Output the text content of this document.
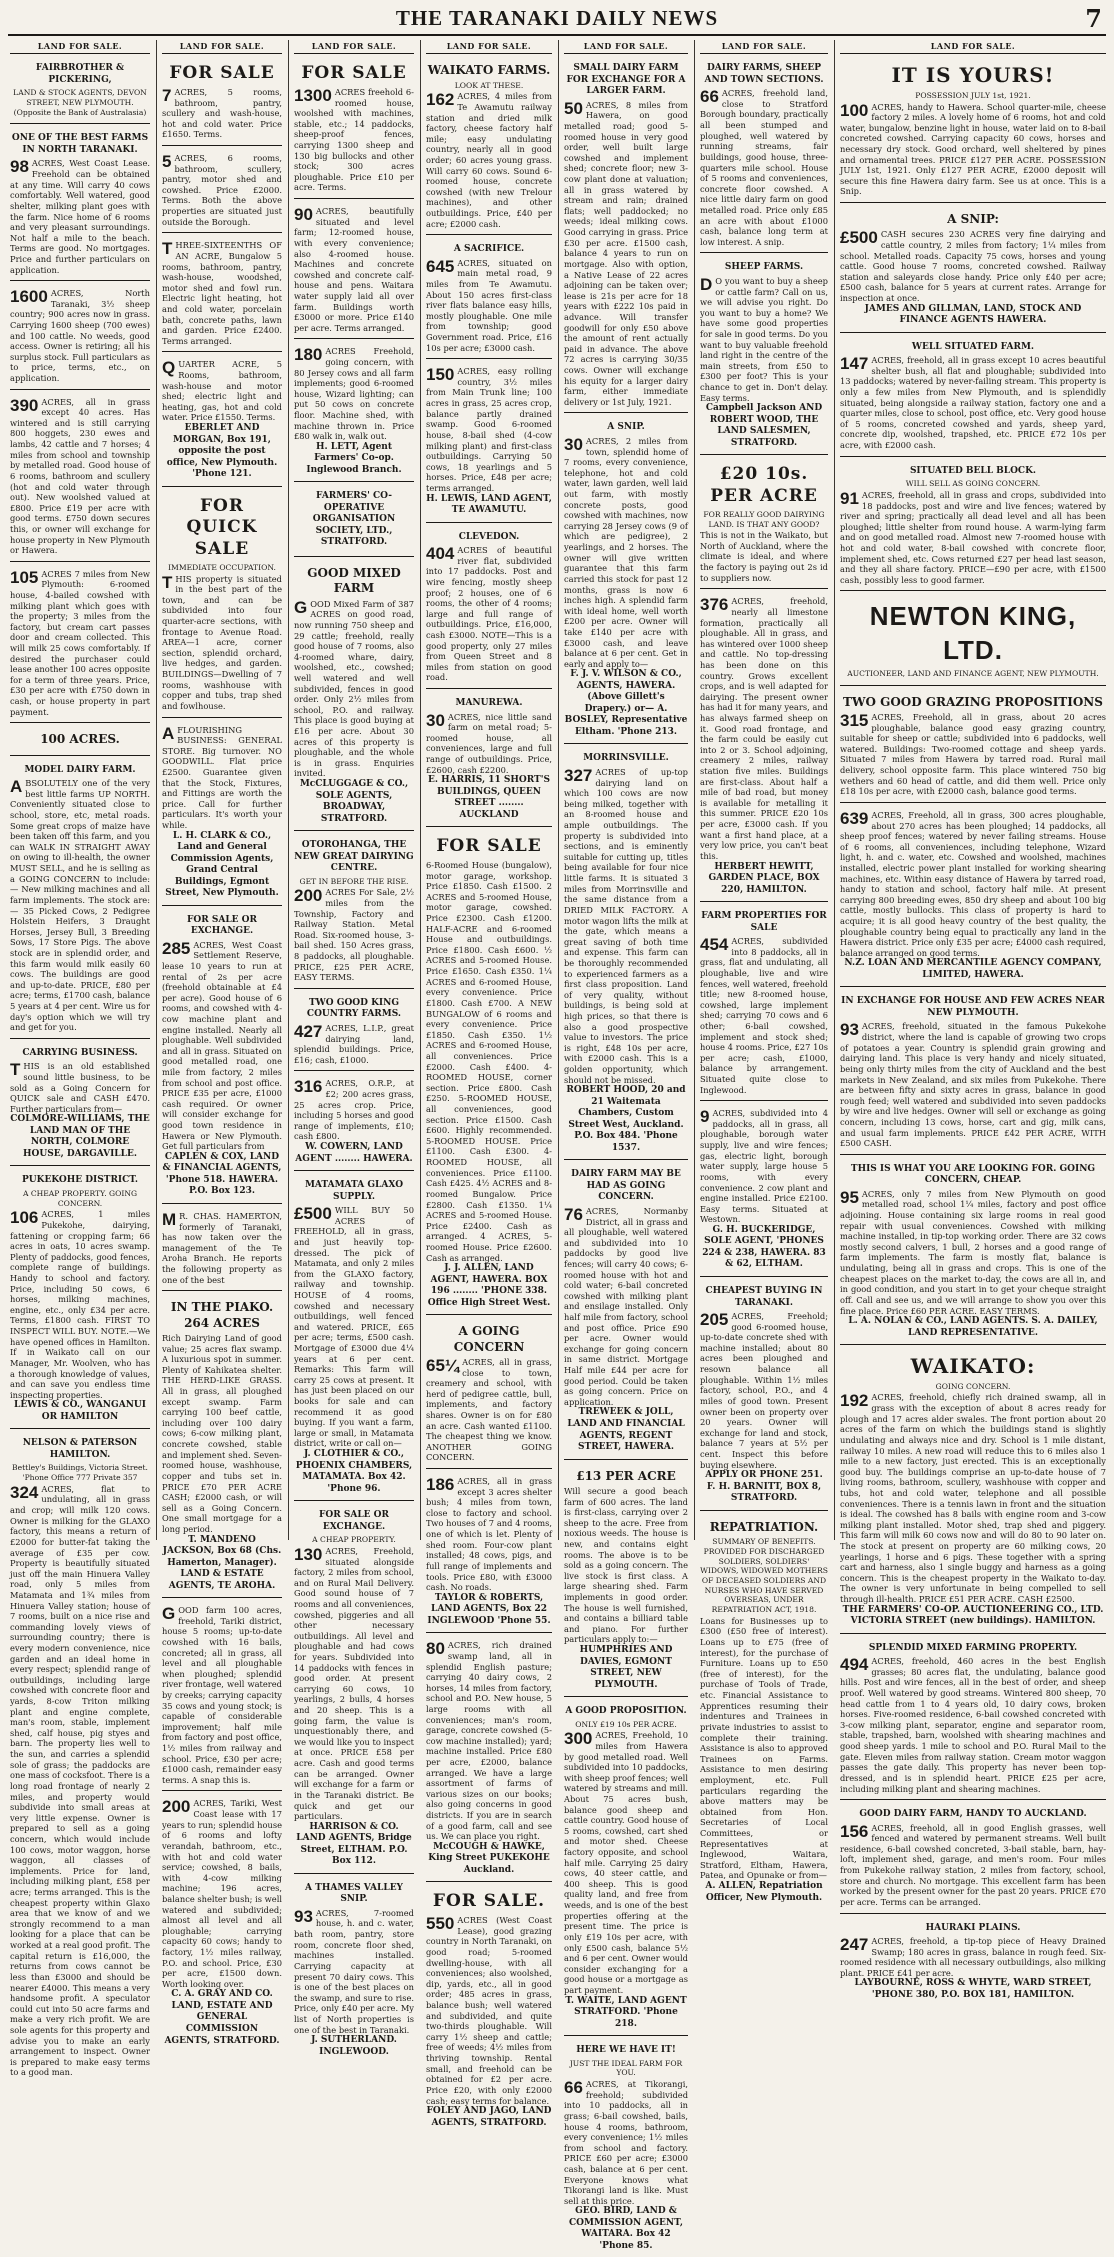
THE TARANAKI DAILY NEWS	7
LAND FOR SALE.
FAIRBROTHER & PICKERING,
LAND & STOCK AGENTS, DEVON STREET, NEW PLYMOUTH. (Opposite the Bank of Australasia)
ONE OF THE BEST FARMS IN NORTH TARANAKI.

98 ACRES, West Coast Lease. Freehold can be obtained at any time. Will carry 40 cows comfortably. Well watered, good shelter, milking plant goes with the farm. Nice home of 6 rooms and very pleasant surroundings. Not half a mile to the beach. Terms are good. No mortgages. Price and further particulars on application.

1600 ACRES, North Taranaki, 3½ sheep country; 900 acres now in grass. Carrying 1600 sheep (700 ewes) and 100 cattle. No weeds, good access. Owner is retiring; all his surplus stock. Full particulars as to price, terms, etc., on application.

390 ACRES, all in grass except 40 acres. Has wintered and is still carrying 800 hoggets, 230 ewes and lambs, 42 cattle and 7 horses; 4 miles from school and township by metalled road. Good house of 6 rooms, bathroom and scullery (hot and cold water through out). New woolshed valued at £800. Price £19 per acre with good terms. £750 down secures this, or owner will exchange for house property in New Plymouth or Hawera.

105 ACRES 7 miles from New Plymouth: 6-roomed house, 4-bailed cowshed with milking plant which goes with the property; 3 miles from the factory, but cream cart passes door and cream collected. This will milk 25 cows comfortably. If desired the purchaser could lease another 100 acres opposite for a term of three years. Price, £30 per acre with £750 down in cash, or house property in part payment.

100 ACRES.
MODEL DAIRY FARM.

ABSOLUTELY one of the very best little farms UP NORTH. Conveniently situated close to school, store, etc, metal roads. Some great crops of maize have been taken off this farm, and you can WALK IN STRAIGHT AWAY on owing to ill-health, the owner MUST SELL, and he is selling as a GOING CONCERN to include:— New milking machines and all farm implements. The stock are:— 35 Picked Cows, 2 Pedigree Holstein Heifers, 3 Draught Horses, Jersey Bull, 3 Breeding Sows, 17 Store Pigs. The above stock are in splendid order, and this farm would milk easily 60 cows. The buildings are good and up-to-date. PRICE, £80 per acre; terms, £1700 cash, balance 5 years at 4 per cent. Wire us for day's option which we will try and get for you.

CARRYING BUSINESS.

THIS is an old established sound little business, to be sold as a Going Concern for QUICK sale and CASH £470. Further particulars from—

COLMORE-WILLIAMS, THE LAND MAN OF THE NORTH, COLMORE HOUSE, DARGAVILLE.
PUKEKOHE DISTRICT.
A CHEAP PROPERTY. GOING CONCERN.

106 ACRES, 1 miles Pukekohe, dairying, fattening or cropping farm; 66 acres in oats, 10 acres swamp. Plenty of paddocks, good fences, complete range of buildings. Handy to school and factory. Price, including 50 cows, 6 horses, milking machines, engine, etc., only £34 per acre. Terms, £1800 cash. FIRST TO INSPECT WILL BUY. NOTE.—We have opened offices in Hamilton. If in Waikato call on our Manager, Mr. Woolven, who has a thorough knowledge of values, and can save you endless time inspecting properties.

LEWIS & CO., WANGANUI OR HAMILTON
NELSON & PATERSON HAMILTON.
Bettley's Buildings, Victoria Street. 'Phone Office 777 Private 357

324 ACRES, flat to undulating, all in grass and crop; will milk 120 cows. Owner is milking for the GLAXO factory, this means a return of £2000 for butter-fat taking the average of £35 per cow. Property is beautifully situated just off the main Hinuera Valley road, only 5 miles from Matamata and 1¾ miles from Hinuera Valley station; house of 7 rooms, built on a nice rise and commanding lovely views of surrounding country; there is every modern convenience, nice garden and an ideal home in every respect; splendid range of outbuildings, including large cowshed with concrete floor and yards, 8-cow Triton milking plant and engine complete, man's room, stable, implement shed, calf house, pig styes and barn. The property lies well to the sun, and carries a splendid sole of grass; the paddocks are one mass of cocksfoot. There is a long road frontage of nearly 2 miles, and property would subdivide into small areas at very little expense. Owner is prepared to sell as a going concern, which would include 100 cows, motor waggon, horse waggon, all classes of implements. Price for land, including milking plant, £58 per acre; terms arranged. This is the cheapest property within Glaxo area that we know of and we strongly recommend to a man looking for a place that can be worked at a real good profit. The capital return is £16,000, the returns from cows cannot be less than £3000 and should be nearer £4000. This means a very handsome profit. A speculator could cut into 50 acre farms and make a very rich profit. We are sole agents for this property and advise you to make an early arrangement to inspect. Owner is prepared to make easy terms to a good man.

LAND FOR SALE.
FOR SALE

7 ACRES, 5 rooms, bathroom, pantry, scullery and wash-house, hot and cold water. Price £1650. Terms.

5 ACRES, 6 rooms, bathroom, scullery, pantry, motor shed and cowshed. Price £2000. Terms. Both the above properties are situated just outside the Borough.

THREE-SIXTEENTHS OF AN ACRE, Bungalow 5 rooms, bathroom, pantry, wash-house, woodshed, motor shed and fowl run. Electric light heating, hot and cold water, porcelain bath, concrete paths, lawn and garden. Price £2400. Terms arranged.

QUARTER ACRE, 5 Rooms, bathroom, wash-house and motor shed; electric light and heating, gas, hot and cold water. Price £1550. Terms.

EBERLET AND MORGAN, Box 191, opposite the post office, New Plymouth. 'Phone 121.
FOR QUICK SALE
IMMEDIATE OCCUPATION.

THIS property is situated in the best part of the town, and can be subdivided into four quarter-acre sections, with frontage to Avenue Road. AREA—1 acre, corner section, splendid orchard, live hedges, and garden. BUILDINGS—Dwelling of 7 rooms, washhouse with copper and tubs, trap shed and fowlhouse.

AFLOURISHING BUSINESS: GENERAL STORE. Big turnover. NO GOODWILL. Flat price £2500. Guarantee given that the Stock, Fixtures, and Fittings are worth the price. Call for further particulars. It's worth your while.

L. H. CLARK & CO., Land and General Commission Agents, Grand Central Buildings, Egmont Street, New Plymouth.
FOR SALE OR EXCHANGE.

285 ACRES, West Coast Settlement Reserve, lease 10 years to run at rental of 2s per acre (freehold obtainable at £4 per acre). Good house of 6 rooms, and cowshed with 4-cow machine plant and engine installed. Nearly all ploughable. Well subdivided and all in grass. Situated on good metalled road, one mile from factory, 2 miles from school and post office. PRICE £35 per acre, £1000 cash required. Or owner will consider exchange for good town residence in Hawera or New Plymouth. Get full particulars from

CAPLEN & COX, LAND & FINANCIAL AGENTS, 'Phone 518. HAWERA. P.O. Box 123.

M R. CHAS. HAMERTON, formerly of Taranaki, has now taken over the management of the Te Aroha Branch. He reports the following property as one of the best

IN THE PIAKO. 264 ACRES

Rich Dairying Land of good value; 25 acres flax swamp. A luxurious spot in summer. Plenty of Kahikatea shelter. THE HERD-LIKE GRASS. All in grass, all ploughed except swamp. Farm carrying 100 beef cattle, including over 100 dairy cows; 6-cow milking plant, concrete cowshed, stable and implement shed. Seven-roomed house, washhouse, copper and tubs set in. PRICE £70 PER ACRE CASH; £2000 cash, or will sell as a Going Concern. One small mortgage for a long period.

T. MANDENO JACKSON, Box 68 (Chs. Hamerton, Manager). LAND & ESTATE AGENTS, TE AROHA.

GOOD farm 100 acres, freehold, Tariki district, house 5 rooms; up-to-date cowshed with 16 bails, concreted; all in grass, all level and all ploughable when ploughed; splendid river frontage, well watered by creeks; carrying capacity 35 cows and young stock; is capable of considerable improvement; half mile from factory and post office, 1½ miles from railway and school. Price, £30 per acre; £1000 cash, remainder easy terms. A snap this is.

200 ACRES, Tariki, West Coast lease with 17 years to run; splendid house of 6 rooms and lofty verandah, bathroom, etc., with hot and cold water service; cowshed, 8 bails, with 4-cow milking machine; 196 acres, balance shelter bush; is well watered and subdivided; almost all level and all ploughable; carrying capacity 60 cows; handy to factory, 1½ miles railway, P.O. and school. Price, £30 per acre, £1500 down. Worth looking over.

C. A. GRAY AND CO. LAND, ESTATE AND GENERAL COMMISSION AGENTS, STRATFORD.
LAND FOR SALE.
FOR SALE

1300 ACRES freehold 6-roomed house, woolshed with machines, stable, etc.; 14 paddocks, sheep-proof fences, carrying 1300 sheep and 130 big bullocks and other stock; 300 acres ploughable. Price £10 per acre. Terms.

90 ACRES, beautifully situated and level farm; 12-roomed house, with every convenience; also 4-roomed house. Machines and concrete cowshed and concrete calf-house and pens. Waitara water supply laid all over farm. Buildings worth £3000 or more. Price £140 per acre. Terms arranged.

180 ACRES Freehold, going concern, with 80 Jersey cows and all farm implements; good 6-roomed house, Wizard lighting; can put 50 cows on concrete floor. Machine shed, with machine thrown in. Price £80 walk in, walk out.

H. LETT, Agent Farmers' Co-op. Inglewood Branch.
FARMERS' CO-OPERATIVE ORGANISATION SOCIETY, LTD., STRATFORD.
GOOD MIXED FARM

GOOD Mixed Farm of 387 ACRES on good road, now running 750 sheep and 29 cattle; freehold, really good house of 7 rooms, also 4-roomed whare, dairy, woolshed, etc., cowshed; well watered and well subdivided, fences in good order. Only 2½ miles from school, P.O. and railway. This place is good buying at £16 per acre. About 30 acres of this property is ploughable, and the whole is in grass. Enquiries invited.

McCLUGGAGE & CO., SOLE AGENTS, BROADWAY, STRATFORD.
OTOROHANGA, THE NEW GREAT DAIRYING CENTRE.
GET IN BEFORE THE RISE.

200 ACRES For Sale, 2½ miles from the Township, Factory and Railway Station. Metal Road. Six-roomed house, 3-bail shed. 150 Acres grass, 8 paddocks, all ploughable. PRICE, £25 PER ACRE, EASY TERMS.

TWO GOOD KING COUNTRY FARMS.

427 ACRES, L.I.P., great dairying land, splendid buildings. Price, £16; cash, £1000.

316 ACRES, O.R.P., at £2; 200 acres grass, 25 acres crop. Price, including 5 horses and good range of implements, £10; cash £800.

W. COWERN, LAND AGENT ........ HAWERA.
MATAMATA GLAXO SUPPLY.

£500 WILL BUY 50 ACRES of FREEHOLD, all in grass, and just heavily top-dressed. The pick of Matamata, and only 2 miles from the GLAXO factory, railway and township. HOUSE of 4 rooms, cowshed and necessary outbuildings, well fenced and watered. PRICE, £65 per acre; terms, £500 cash. Mortgage of £3000 due 4¼ years at 6 per cent. Remarks: This farm will carry 25 cows at present. It has just been placed on our books for sale and can recommend it as good buying. If you want a farm, large or small, in Matamata district, write or call on—

J. CLOTHIER & CO., PHOENIX CHAMBERS, MATAMATA. Box 42. 'Phone 96.
FOR SALE OR EXCHANGE.
A CHEAP PROPERTY.

130 ACRES, Freehold, situated alongside factory, 2 miles from school, and on Rural Mail Delivery. Good sound house of 7 rooms and all conveniences, cowshed, piggeries and all other necessary outbuildings. All level and ploughable and had cows for years. Subdivided into 14 paddocks with fences in good order. At present carrying 60 cows, 10 yearlings, 2 bulls, 4 horses and 20 sheep. This is a going farm, the value is unquestionably there, and we would like you to inspect at once. PRICE £58 per acre. Cash and good terms can be arranged. Owner will exchange for a farm or in the Taranaki district. Be quick and get our particulars.

HARRISON & CO. LAND AGENTS, Bridge Street, ELTHAM. P.O. Box 112.
A THAMES VALLEY SNIP.

93 ACRES, 7-roomed house, h. and c. water, bath room, pantry, store room, concrete floor shed, machines installed. Carrying capacity at present 70 dairy cows. This is one of the best places on the swamp, and sure to rise. Price, only £40 per acre. My list of North properties is one of the best in Taranaki.

J. SUTHERLAND. INGLEWOOD.
LAND FOR SALE.
WAIKATO FARMS.
LOOK AT THESE.

162 ACRES, 4 miles from Te Awamutu railway station and dried milk factory, cheese factory half mile; easy undulating country, nearly all in good order; 60 acres young grass. Will carry 60 cows. Sound 6-roomed house, concrete cowshed (with new Trelour machines), and other outbuildings. Price, £40 per acre; £2000 cash.

A SACRIFICE.

645 ACRES, situated on main metal road, 9 miles from Te Awamutu. About 150 acres first-class river flats balance easy hills, mostly ploughable. One mile from township; good Government road. Price, £16 10s per acre; £3000 cash.

150 ACRES, easy rolling country, 3½ miles from Main Trunk line; 100 acres in grass, 25 acres crop, balance partly drained swamp. Good 6-roomed house, 8-bail shed (4-cow milking plant) and first-class outbuildings. Carrying 50 cows, 18 yearlings and 5 horses. Price, £48 per acre; terms arranged.

H. LEWIS, LAND AGENT, TE AWAMUTU.
CLEVEDON.

404 ACRES of beautiful river flat, subdivided into 17 paddocks. Post and wire fencing, mostly sheep proof; 2 houses, one of 6 rooms, the other of 4 rooms; large and full range of outbuildings. Price, £16,000, cash £3000. NOTE—This is a good property, only 27 miles from Queen Street and 8 miles from station on good road.

MANUREWA.

30 ACRES, nice little sand farm on metal road; 5-roomed house, all conveniences, large and full range of outbuildings. Price, £2600, cash £2200.

E. HARRIS, 11 SHORT'S BUILDINGS, QUEEN STREET ........ AUCKLAND
FOR SALE

6-Roomed House (bungalow), motor garage, workshop. Price £1850. Cash £1500. 2 ACRES and 5-roomed House, motor garage, cowshed. Price £2300. Cash £1200. HALF-ACRE and 6-roomed House and outbuildings. Price £1800. Cash £600. ½ ACRES and 5-roomed House. Price £1650. Cash £350. 1¼ ACRES and 6-roomed House, every convenience. Price £1800. Cash £700. A NEW BUNGALOW of 6 rooms and every convenience. Price £1850. Cash £350. 1½ ACRES and 6-roomed House, all conveniences. Price £2000. Cash £400. 4-ROOMED HOUSE, corner section. Price £800. Cash £250. 5-ROOMED HOUSE, all conveniences, good section. Price £1500. Cash £600. Highly recommended. 5-ROOMED HOUSE. Price £1100. Cash £300. 4-ROOMED HOUSE, all conveniences. Price £1100. Cash £425. 4½ ACRES and 8-roomed Bungalow. Price £2800. Cash £1350. 1¼ ACRES and 5-roomed House. Price £2400. Cash as arranged. 4 ACRES, 5-roomed House. Price £2600. Cash as arranged.

J. J. ALLEN, LAND AGENT, HAWERA. BOX 196 ........ 'PHONE 338. Office High Street West.
A GOING CONCERN

65¼ ACRES, all in grass, close to town, creamery and school, with herd of pedigree cattle, bull, implements, and factory shares. Owner is on for £80 an acre. Cash wanted £1100. The cheapest thing we know. ANOTHER GOING CONCERN.

186 ACRES, all in grass except 3 acres shelter bush; 4 miles from town, close to factory and school. Two houses of 7 and 4 rooms, one of which is let. Plenty of shed room. Four-cow plant installed; 48 cows, pigs, and full range of implements and tools. Price £80, with £3000 cash. No roads.

TAYLOR & ROBERTS, LAND AGENTS, Box 22 INGLEWOOD 'Phone 55.

80 ACRES, rich drained swamp land, all in splendid English pasture; carrying 40 dairy cows, 2 horses, 14 miles from factory, school and P.O. New house, 5 large rooms with all conveniences; man's room, garage, concrete cowshed (5-cow machine installed); yard; machine installed. Price £80 per acre, £2000, balance arranged. We have a large assortment of farms of various sizes on our books; also going concerns in good districts. If you are in search of a good farm, call and see us. We can place you right.

McCOUGH & HAWKE, King Street PUKEKOHE Auckland.
FOR SALE.

550 ACRES (West Coast Lease), good grazing country in North Taranaki, on good road; 5-roomed dwelling-house, with all conveniences; also woolshed, dip, yards, etc., all in good order; 485 acres in grass, balance bush; well watered and subdivided, and quite two-thirds ploughable. Will carry 1½ sheep and cattle; free of weeds; 4½ miles from thriving township. Rental small, and freehold can be obtained for £2 per acre. Price £20, with only £2000 cash; easy terms for balance.

FOLEY AND JAGO, LAND AGENTS, STRATFORD.
LAND FOR SALE.
SMALL DAIRY FARM FOR EXCHANGE FOR A LARGER FARM.

50 ACRES, 8 miles from Hawera, on good metalled road; good 5-roomed house in very good order, well built large cowshed and implement shed; concrete floor; new 3-cow plant done at valuation; all in grass watered by stream and rain; drained flats; well paddocked; no weeds; ideal milking cows. Good carrying in grass. Price £30 per acre. £1500 cash, balance 4 years to run on mortgage. Also with option, a Native Lease of 22 acres adjoining can be taken over; lease is 21s per acre for 18 years with £222 10s paid in advance. Will transfer goodwill for only £50 above the amount of rent actually paid in advance. The above 72 acres is carrying 30/35 cows. Owner will exchange his equity for a larger dairy farm, either immediate delivery or 1st July, 1921.

A SNIP.

30 ACRES, 2 miles from town, splendid home of 7 rooms, every convenience, telephone, hot and cold water, lawn garden, well laid out farm, with mostly concrete posts, good cowshed with machines, now carrying 28 Jersey cows (9 of which are pedigree), 2 yearlings, and 2 horses. The owner will give written guarantee that this farm carried this stock for past 12 months, grass is now 6 inches high. A splendid farm with ideal home, well worth £200 per acre. Owner will take £140 per acre with £3000 cash, and leave balance at 6 per cent. Get in early and apply to—

F. J. V. WILSON & CO., AGENTS, HAWERA. (Above Gillett's Drapery.) or— A. BOSLEY, Representative Eltham. 'Phone 213.
MORRINSVILLE.

327 ACRES of up-top dairying land on which 100 cows are now being milked, together with an 8-roomed house and ample outbuildings. The property is subdivided into sections, and is eminently suitable for cutting up, titles being available for four nice little farms. It is situated 3 miles from Morrinsville and the same distance from a DRIED MILK FACTORY. A motor wagon lifts the milk at the gate, which means a great saving of both time and expense. This farm can be thoroughly recommended to experienced farmers as a first class proposition. Land of very quality, without buildings, is being sold at high prices, so that there is also a good prospective value to investors. The price is right, £48 10s per acre, with £2000 cash. This is a golden opportunity, which should not be missed.

ROBERT HOOD, 20 and 21 Waitemata Chambers, Custom Street West, Auckland. P.O. Box 484. 'Phone 1537.
DAIRY FARM MAY BE HAD AS GOING CONCERN.

76 ACRES, Normanby District, all in grass and all ploughable, well watered and subdivided into 10 paddocks by good live fences; will carry 40 cows; 6-roomed house with hot and cold water; 6-bail concreted cowshed with milking plant and ensilage installed. Only half mile from factory, school and post office. Price £90 per acre. Owner would exchange for going concern in same district. Mortgage Half mile £44 per acre for good period. Could be taken as going concern. Price on application.

TREWEEK & JOLL, LAND AND FINANCIAL AGENTS, REGENT STREET, HAWERA.
£13 PER ACRE

Will secure a good beach farm of 600 acres. The land is first-class, carrying over 2 sheep to the acre. Free from noxious weeds. The house is new, and contains eight rooms. The above is to be sold as a going concern. The live stock is first class. A large shearing shed. Farm implements in good order. The house is well furnished, and contains a billiard table and piano. For further particulars apply to:—

HUMPHRIES AND DAVIES, EGMONT STREET, NEW PLYMOUTH.
A GOOD PROPOSITION.
ONLY £19 10s PER ACRE.

300 ACRES, Freehold, 10 miles from Hawera by good metalled road. Well subdivided into 10 paddocks, with sheep proof fences; well watered by streams and mill. About 75 acres bush, balance good sheep and cattle country. Good house of 5 rooms, cowshed, cart shed and motor shed. Cheese factory opposite, and school half mile. Carrying 25 dairy cows, 40 steer cattle, and 400 sheep. This is good quality land, and free from weeds, and is one of the best properties offering at the present time. The price is only £19 10s per acre, with only £500 cash, balance 5½ and 6 per cent. Owner would consider exchanging for a good house or a mortgage as part payment.

T. WAITE, LAND AGENT STRATFORD. 'Phone 218.
HERE WE HAVE IT!
JUST THE IDEAL FARM FOR YOU.

66 ACRES, at Tikorangi, freehold; subdivided into 10 paddocks, all in grass; 6-bail cowshed, bails, house 4 rooms, bathroom, every convenience; 1½ miles from school and factory. PRICE £60 per acre; £3000 cash, balance at 6 per cent. Everyone knows what Tikorangi land is like. Must sell at this price.

GEO. BIRD, LAND & COMMISSION AGENT, WAITARA. Box 42 'Phone 85.
LAND FOR SALE.
DAIRY FARMS, SHEEP AND TOWN SECTIONS.

66 ACRES, freehold land, close to Stratford Borough boundary, practically all been stumped and ploughed, well watered by running streams, fair buildings, good house, three-quarters mile school. House of 5 rooms and conveniences, concrete floor cowshed. A nice little dairy farm on good metalled road. Price only £85 an acre with about £1000 cash, balance long term at low interest. A snip.

SHEEP FARMS.

D O you want to buy a sheep or cattle farm? Call on us, we will advise you right. Do you want to buy a home? We have some good properties for sale in good terms. Do you want to buy valuable freehold land right in the centre of the main streets, from £50 to £300 per foot? This is your chance to get in. Don't delay. Easy terms.

Campbell Jackson AND ROBERT WOOD, THE LAND SALESMEN, STRATFORD.
£20 10s. PER ACRE
FOR REALLY GOOD DAIRYING LAND. IS THAT ANY GOOD?

This is not in the Waikato, but North of Auckland, where the climate is ideal, and where the factory is paying out 2s id to suppliers now.

376 ACRES, freehold, nearly all limestone formation, practically all ploughable. All in grass, and has wintered over 1000 sheep and cattle. No top-dressing has been done on this country. Grows excellent crops, and is well adapted for dairying. The present owner has had it for many years, and has always farmed sheep on it. Good road frontage, and the farm could be easily cut into 2 or 3. School adjoining, creamery 2 miles, railway station five miles. Buildings are first-class. About half a mile of bad road, but money is available for metalling it this summer. PRICE £20 10s per acre, £3000 cash. If you want a first hand place, at a very low price, you can't beat this.

HERBERT HEWITT, GARDEN PLACE, BOX 220, HAMILTON.
FARM PROPERTIES FOR SALE

454 ACRES, subdivided into 8 paddocks, all in grass, flat and undulating, all ploughable, live and wire fences, well watered, freehold title; new 8-roomed house, cowshed, large implement shed; carrying 70 cows and 6 other; 6-bail cowshed, implement and stock shed; house 4 rooms. Price, £27 10s per acre; cash, £1000, balance by arrangement. Situated quite close to Inglewood.

9 ACRES, subdivided into 4 paddocks, all in grass, all ploughable, borough water supply, live and wire fences; gas, electric light, borough water supply, large house 5 rooms, with every convenience. 2 cow plant and engine installed. Price £2100. Easy terms. Situated at Westown.

G. H. BUCKERIDGE, SOLE AGENT, 'PHONES 224 & 238, HAWERA. 83 & 62, ELTHAM.
CHEAPEST BUYING IN TARANAKI.

205 ACRES, Freehold; good 6-roomed house, up-to-date concrete shed with machine installed; about 80 acres been ploughed and resown balance all ploughable. Within 1½ miles factory, school, P.O., and 4 miles of good town. Present owner been on property over 20 years. Owner will exchange for land and stock, balance 7 years at 5½ per cent. Inspect this before buying elsewhere.

APPLY OR PHONE 251. F. H. BARNITT, BOX 8, STRATFORD.
REPATRIATION.
SUMMARY OF BENEFITS. PROVIDED FOR DISCHARGED SOLDIERS, SOLDIERS' WIDOWS, WIDOWED MOTHERS OF DECEASED SOLDIERS AND NURSES WHO HAVE SERVED OVERSEAS, UNDER REPATRIATION ACT, 1918.

Loans for Businesses up to £300 (£50 free of interest). Loans up to £75 (free of interest), for the purchase of Furniture. Loans up to £50 (free of interest), for the purchase of Tools of Trade, etc. Financial Assistance to Apprentices resuming their indentures and Trainees in private industries to assist to complete their training. Assistance is also to approved Trainees on Farms. Assistance to men desiring employment, etc. Full particulars regarding the above matters may be obtained from Hon. Secretaries of Local Committees, or Representatives at Inglewood, Waitara, Stratford, Eltham, Hawera, Patea, and Opunake or from—

A. ALLEN, Repatriation Officer, New Plymouth.
LAND FOR SALE.
IT IS YOURS!
POSSESSION JULY 1st, 1921.

100 ACRES, handy to Hawera. School quarter-mile, cheese factory 2 miles. A lovely home of 6 rooms, hot and cold water, bungalow, benzine light in house, water laid on to 8-bail concreted cowshed. Carrying capacity 60 cows, horses and necessary dry stock. Good orchard, well sheltered by pines and ornamental trees. PRICE £127 PER ACRE. POSSESSION JULY 1st, 1921. Only £127 PER ACRE, £2000 deposit will secure this fine Hawera dairy farm. See us at once. This is a Snip.

A SNIP:

£500 CASH secures 230 ACRES very fine dairying and cattle country, 2 miles from factory; 1¼ miles from school. Metalled roads. Capacity 75 cows, horses and young cattle. Good house 7 rooms, concreted cowshed. Railway station and saleyards close handy. Price only £40 per acre; £500 cash, balance for 5 years at current rates. Arrange for inspection at once.

JAMES AND GILLMAN, LAND, STOCK AND FINANCE AGENTS HAWERA.
WELL SITUATED FARM.

147 ACRES, freehold, all in grass except 10 acres beautiful shelter bush, all flat and ploughable; subdivided into 13 paddocks; watered by never-failing stream. This property is only a few miles from New Plymouth, and is splendidly situated, being alongside a railway station, factory one and a quarter miles, close to school, post office, etc. Very good house of 5 rooms, concreted cowshed and yards, sheep yard, concrete dip, woolshed, trapshed, etc. PRICE £72 10s per acre, with £2000 cash.

SITUATED BELL BLOCK.
WILL SELL AS GOING CONCERN.

91 ACRES, freehold, all in grass and crops, subdivided into 18 paddocks, post and wire and live fences; watered by river and spring; practically all dead level and all has been ploughed; little shelter from round house. A warm-lying farm and on good metalled road. Almost new 7-roomed house with hot and cold water, 8-bail cowshed with concrete floor, implement shed, etc. Cows returned £27 per head last season, and they all share factory. PRICE—£90 per acre, with £1500 cash, possibly less to good farmer.

NEWTON KING, LTD.
AUCTIONEER, LAND AND FINANCE AGENT, NEW PLYMOUTH.
TWO GOOD GRAZING PROPOSITIONS

315 ACRES, Freehold, all in grass, about 20 acres ploughable, balance good easy grazing country, suitable for sheep or cattle; subdivided into 6 paddocks, well watered. Buildings: Two-roomed cottage and sheep yards. Situated 7 miles from Hawera by tarred road. Rural mail delivery, school opposite farm. This place wintered 750 big wethers and 60 head of cattle, and did them well. Price only £18 10s per acre, with £2000 cash, balance good terms.

639 ACRES, Freehold, all in grass, 300 acres ploughable, about 270 acres has been ploughed; 14 paddocks, all sheep proof fences; watered by never failing streams. House of 6 rooms, all conveniences, including telephone, Wizard light, h. and c. water, etc. Cowshed and woolshed, machines installed, electric power plant installed for working shearing machines, etc. Within easy distance of Hawera by tarred road, handy to station and school, factory half mile. At present carrying 800 breeding ewes, 850 dry sheep and about 100 big cattle, mostly bullocks. This class of property is hard to acquire; it is all good heavy country of the best quality, the ploughable country being equal to practically any land in the Hawera district. Price only £35 per acre; £4000 cash required, balance arranged on good terms.

N.Z. LOAN AND MERCANTILE AGENCY COMPANY, LIMITED, HAWERA.
IN EXCHANGE FOR HOUSE AND FEW ACRES NEAR NEW PLYMOUTH.

93 ACRES, freehold, situated in the famous Pukekohe district, where the land is capable of growing two crops of potatoes a year. Country is splendid grain growing and dairying land. This place is very handy and nicely situated, being only thirty miles from the city of Auckland and the best markets in New Zealand, and six miles from Pukekohe. There are between fifty and sixty acres in grass, balance in good rough feed; well watered and subdivided into seven paddocks by wire and live hedges. Owner will sell or exchange as going concern, including 13 cows, horse, cart and gig, milk cans, and usual farm implements. PRICE £42 PER ACRE, WITH £500 CASH.

THIS IS WHAT YOU ARE LOOKING FOR. GOING CONCERN, CHEAP.

95 ACRES, only 7 miles from New Plymouth on good metalled road, school 1¼ miles, factory and post office adjoining. House containing six large rooms in real good repair with usual conveniences. Cowshed with milking machine installed, in tip-top working order. There are 32 cows mostly second calvers, 1 bull, 2 horses and a good range of farm implements. The farm is mostly flat, balance is undulating, being all in grass and crops. This is one of the cheapest places on the market to-day, the cows are all in, and in good condition, and you start in to get your cheque straight off. Call and see us, and we will arrange to show you over this fine place. Price £60 PER ACRE. EASY TERMS.

L. A. NOLAN & CO., LAND AGENTS. S. A. DAILEY, LAND REPRESENTATIVE.
WAIKATO:
GOING CONCERN.

192 ACRES, freehold, chiefly rich drained swamp, all in grass with the exception of about 8 acres ready for plough and 17 acres alder swales. The front portion about 20 acres of the farm on which the buildings stand is slightly undulating and always nice and dry. School is 1 mile distant, railway 10 miles. A new road will reduce this to 6 miles also 1 mile to a new factory, just erected. This is an exceptionally good buy. The buildings comprise an up-to-date house of 7 living rooms, bathroom, scullery, washhouse with copper and tubs, hot and cold water, telephone and all possible conveniences. There is a tennis lawn in front and the situation is ideal. The cowshed has 8 bails with engine room and 3-cow milking plant installed. Motor shed, trap shed and piggery. This farm will milk 60 cows now and will do 80 to 90 later on. The stock at present on property are 60 milking cows, 20 yearlings, 1 horse and 6 pigs. These together with a spring cart and harness, also 1 single buggy and harness as a going concern. This is the cheapest property in the Waikato to-day. The owner is very unfortunate in being compelled to sell through ill-health. PRICE £51 PER ACRE. CASH £2500.

THE FARMERS' CO-OP. AUCTIONEERING CO., LTD. VICTORIA STREET (new buildings). HAMILTON.
SPLENDID MIXED FARMING PROPERTY.

494 ACRES, freehold, 460 acres in the best English grasses; 80 acres flat, the undulating, balance good hills. Post and wire fences, all in the best of order, and sheep proof. Well watered by good streams. Wintered 800 sheep, 70 head cattle from 1 to 4 years old, 10 dairy cows, broken horses. Five-roomed residence, 6-bail cowshed concreted with 3-cow milking plant, separator, engine and separator room, stable, trapshed, barn, woolshed with shearing machines and good sheep yards. 1 mile to school and P.O. Rural Mail to the gate. Eleven miles from railway station. Cream motor waggon passes the gate daily. This property has never been top-dressed, and is in splendid heart. PRICE £25 per acre, including milking plant and shearing machines.

GOOD DAIRY FARM, HANDY TO AUCKLAND.

156 ACRES, freehold, all in good English grasses, well fenced and watered by permanent streams. Well built residence, 6-bail cowshed concreted, 3-bail stable, barn, hay-loft, implement shed, garage, and men's room. Four miles from Pukekohe railway station, 2 miles from factory, school, store and church. No mortgage. This excellent farm has been worked by the present owner for the past 20 years. PRICE £70 per acre. Terms can be arranged.

HAURAKI PLAINS.

247 ACRES, freehold, a tip-top piece of Heavy Drained Swamp; 180 acres in grass, balance in rough feed. Six-roomed residence with all necessary outbuildings, also milking plant. PRICE £41 per acre.

LAYBOURNE, ROSS & WHYTE, WARD STREET, 'PHONE 380, P.O. BOX 181, HAMILTON.
